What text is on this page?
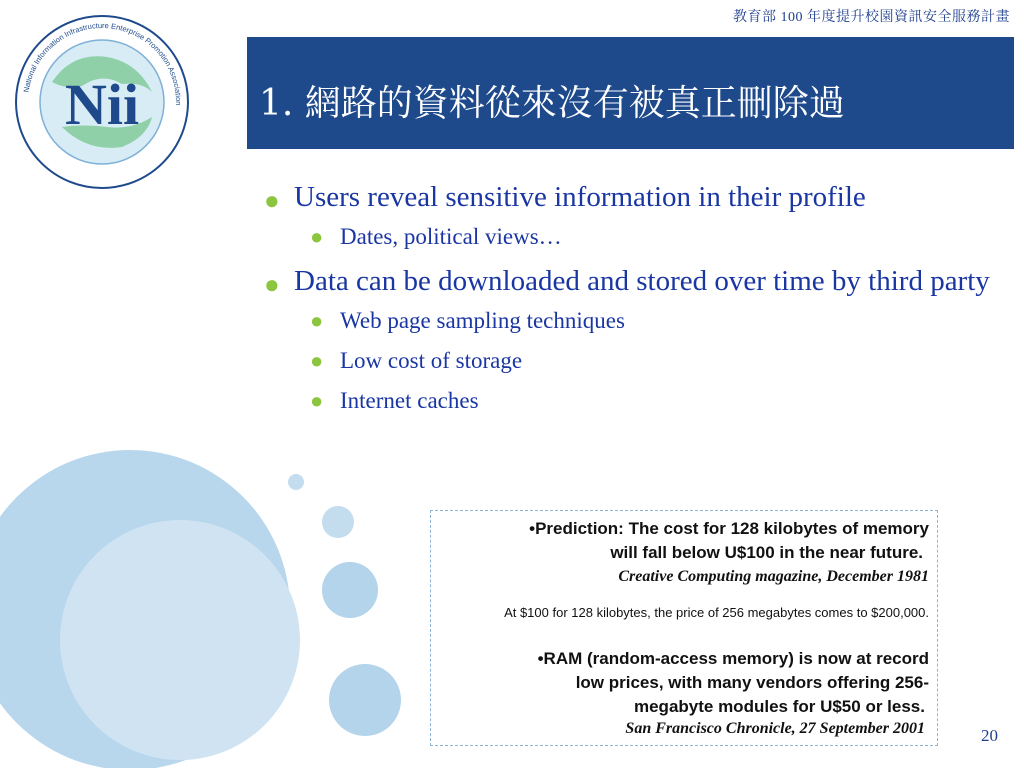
Nii
National Information Infrastructure Enterprise Promotion Association
教育部 100 年度提升校園資訊安全服務計畫
1. 網路的資料從來沒有被真正刪除過
● Users reveal sensitive information in their profile
● Dates, political views…
● Data can be downloaded and stored over time by third party
● Web page sampling techniques
● Low cost of storage
● Internet caches
•Prediction: The cost for 128 kilobytes of memory
will fall below U$100 in the near future.
Creative Computing magazine, December 1981
At $100 for 128 kilobytes, the price of 256 megabytes comes to $200,000.
•RAM (random-access memory) is now at record
low prices, with many vendors offering 256-
megabyte modules for U$50 or less.
San Francisco Chronicle, 27 September 2001	20
